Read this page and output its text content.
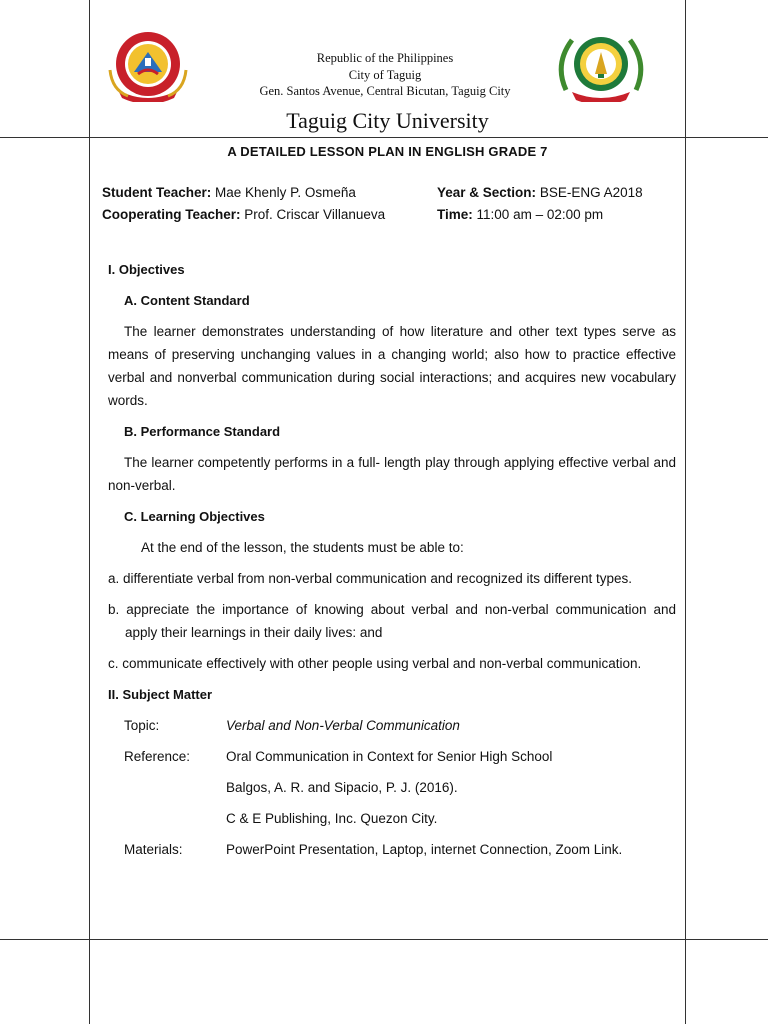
Republic of the Philippines
City of Taguig
Gen. Santos Avenue, Central Bicutan, Taguig City
Taguig City University
A DETAILED LESSON PLAN IN ENGLISH GRADE 7
Student Teacher: Mae Khenly P. Osmeña
Cooperating Teacher: Prof. Criscar Villanueva
Year & Section: BSE-ENG A2018
Time: 11:00 am – 02:00 pm

I. Objectives

A. Content Standard

The learner demonstrates understanding of how literature and other text types serve as means of preserving unchanging values in a changing world; also how to practice effective verbal and nonverbal communication during social interactions; and acquires new vocabulary words.

B. Performance Standard

The learner competently performs in a full- length play through applying effective verbal and non-verbal.

C. Learning Objectives

At the end of the lesson, the students must be able to:

a. differentiate verbal from non-verbal communication and recognized its different types.

b. appreciate the importance of knowing about verbal and non-verbal communication and apply their learnings in their daily lives: and

c. communicate effectively with other people using verbal and non-verbal communication.

II. Subject Matter

Topic:	Verbal and Non-Verbal Communication
Reference:	Oral Communication in Context for Senior High School
Balgos, A. R. and Sipacio, P. J. (2016).
C & E Publishing, Inc. Quezon City.
Materials:	PowerPoint Presentation, Laptop, internet Connection, Zoom Link.
